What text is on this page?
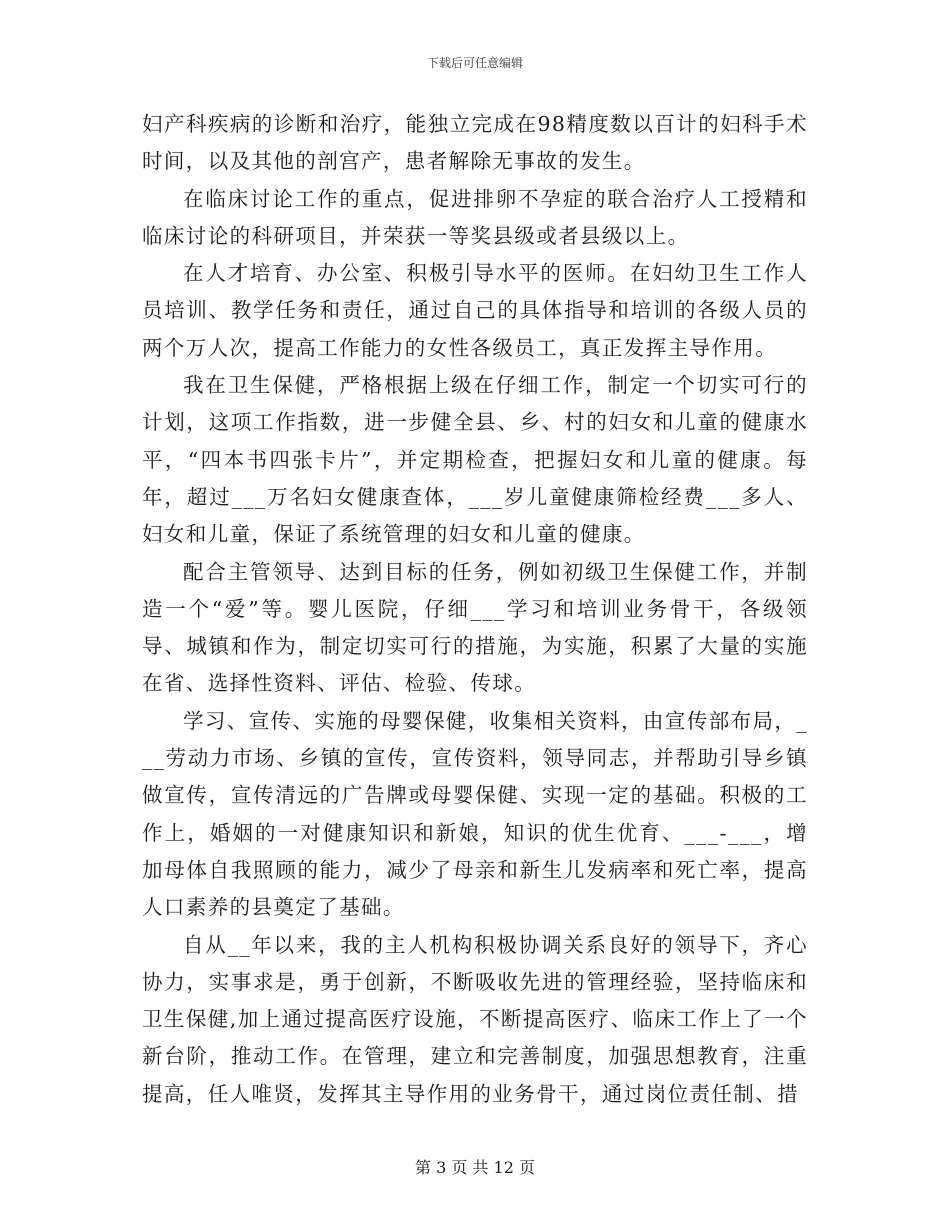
下载后可任意编辑

妇产科疾病的诊断和治疗，能独立完成在98精度数以百计的妇科手术时间，以及其他的剖宫产，患者解除无事故的发生。

在临床讨论工作的重点，促进排卵不孕症的联合治疗人工授精和临床讨论的科研项目，并荣获一等奖县级或者县级以上。

在人才培育、办公室、积极引导水平的医师。在妇幼卫生工作人员培训、教学任务和责任，通过自己的具体指导和培训的各级人员的两个万人次，提高工作能力的女性各级员工，真正发挥主导作用。

我在卫生保健，严格根据上级在仔细工作，制定一个切实可行的计划，这项工作指数，进一步健全县、乡、村的妇女和儿童的健康水平，“四本书四张卡片”，并定期检查，把握妇女和儿童的健康。每年，超过___万名妇女健康查体，___岁儿童健康筛检经费___多人、妇女和儿童，保证了系统管理的妇女和儿童的健康。

配合主管领导、达到目标的任务，例如初级卫生保健工作，并制造一个“爱”等。婴儿医院，仔细___学习和培训业务骨干，各级领导、城镇和作为，制定切实可行的措施，为实施，积累了大量的实施在省、选择性资料、评估、检验、传球。

学习、宣传、实施的母婴保健，收集相关资料，由宣传部布局，___劳动力市场、乡镇的宣传，宣传资料，领导同志，并帮助引导乡镇做宣传，宣传清远的广告牌或母婴保健、实现一定的基础。积极的工作上，婚姻的一对健康知识和新娘，知识的优生优育、___-___，增加母体自我照顾的能力，减少了母亲和新生儿发病率和死亡率，提高人口素养的县奠定了基础。

自从__年以来，我的主人机构积极协调关系良好的领导下，齐心协力，实事求是，勇于创新，不断吸收先进的管理经验，坚持临床和卫生保健,加上通过提高医疗设施，不断提高医疗、临床工作上了一个新台阶，推动工作。在管理，建立和完善制度，加强思想教育，注重提高，任人唯贤，发挥其主导作用的业务骨干，通过岗位责任制、措

第 3 页 共 12 页
